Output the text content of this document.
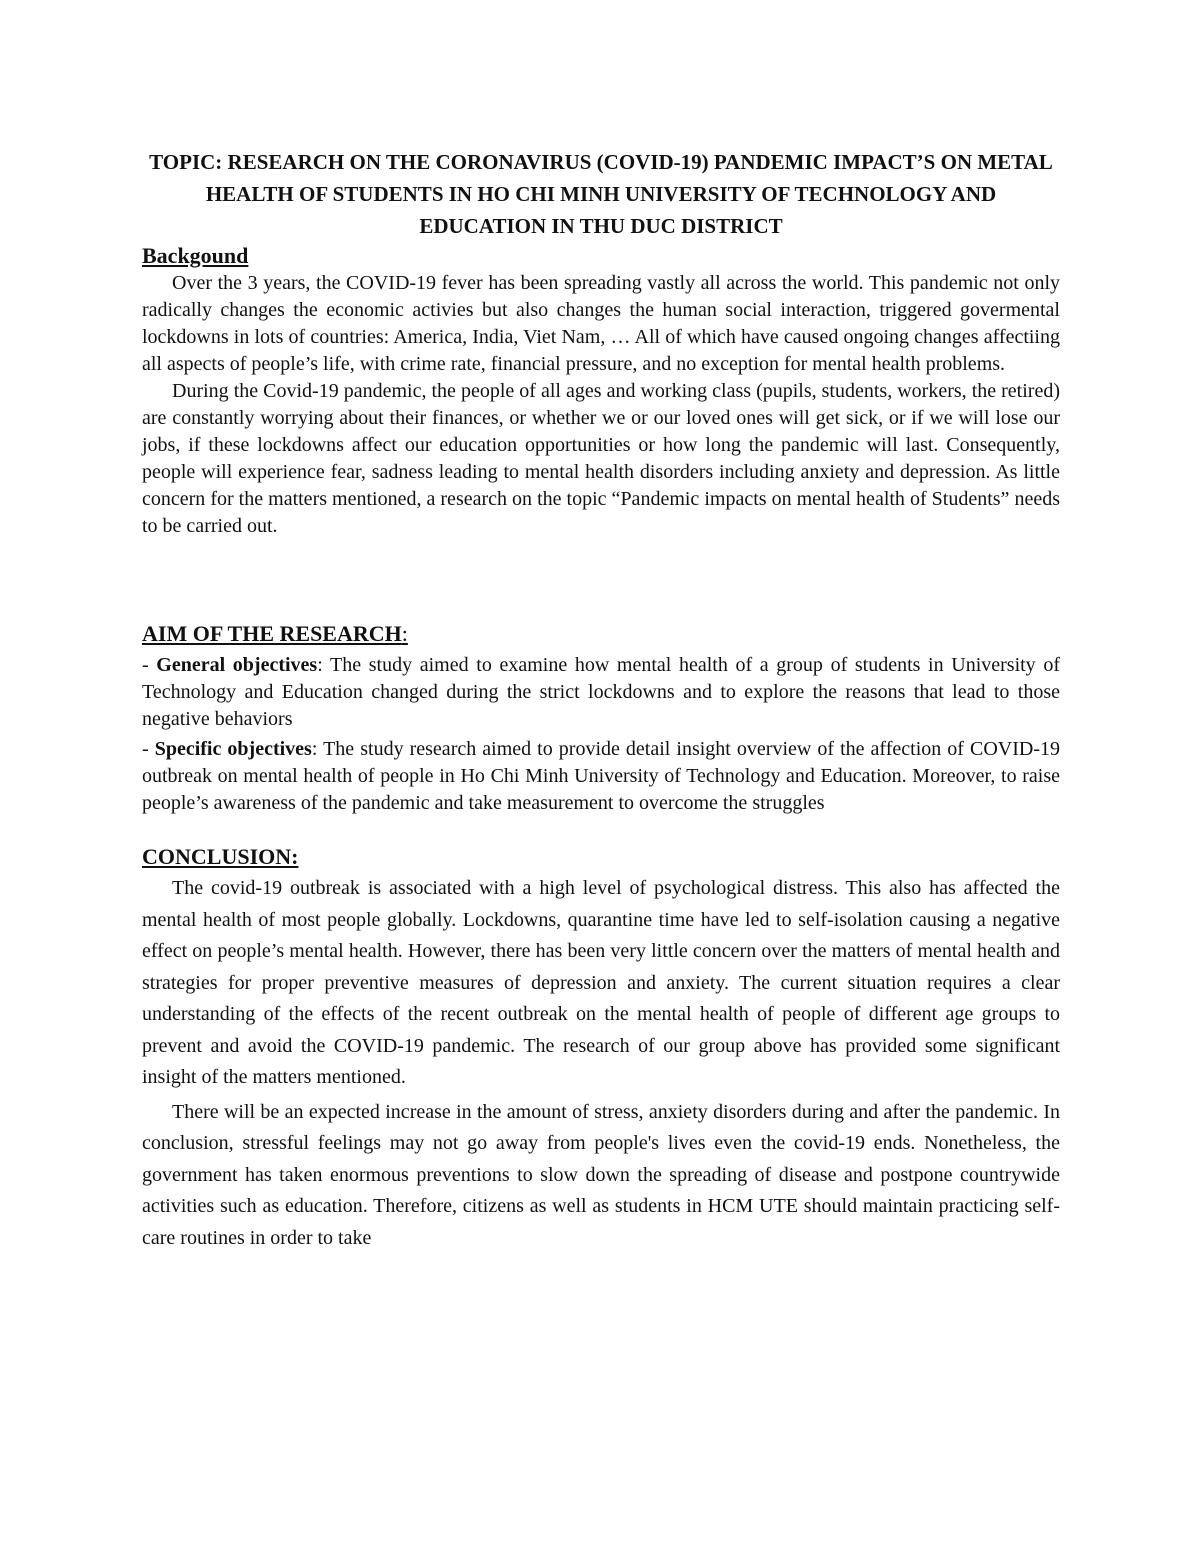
TOPIC: RESEARCH ON THE CORONAVIRUS (COVID-19) PANDEMIC IMPACT’S ON METAL HEALTH OF STUDENTS IN HO CHI MINH UNIVERSITY OF TECHNOLOGY AND EDUCATION IN THU DUC DISTRICT
Backgound

Over the 3 years, the COVID-19 fever has been spreading vastly all across the world. This pandemic not only radically changes the economic activies but also changes the human social interaction, triggered govermental lockdowns in lots of countries: America, India, Viet Nam, … All of which have caused ongoing changes affectiing all aspects of people’s life, with crime rate, financial pressure, and no exception for mental health problems.

During the Covid-19 pandemic, the people of all ages and working class (pupils, students, workers, the retired) are constantly worrying about their finances, or whether we or our loved ones will get sick, or if we will lose our jobs, if these lockdowns affect our education opportunities or how long the pandemic will last. Consequently, people will experience fear, sadness leading to mental health disorders including anxiety and depression. As little concern for the matters mentioned, a research on the topic “Pandemic impacts on mental health of Students” needs to be carried out.

AIM OF THE RESEARCH:

- General objectives: The study aimed to examine how mental health of a group of students in University of Technology and Education changed during the strict lockdowns and to explore the reasons that lead to those negative behaviors

- Specific objectives: The study research aimed to provide detail insight overview of the affection of COVID-19 outbreak on mental health of people in Ho Chi Minh University of Technology and Education. Moreover, to raise people’s awareness of the pandemic and take measurement to overcome the struggles

CONCLUSION:

The covid-19 outbreak is associated with a high level of psychological distress. This also has affected the mental health of most people globally. Lockdowns, quarantine time have led to self-isolation causing a negative effect on people’s mental health. However, there has been very little concern over the matters of mental health and strategies for proper preventive measures of depression and anxiety. The current situation requires a clear understanding of the effects of the recent outbreak on the mental health of people of different age groups to prevent and avoid the COVID-19 pandemic. The research of our group above has provided some significant insight of the matters mentioned.

There will be an expected increase in the amount of stress, anxiety disorders during and after the pandemic. In conclusion, stressful feelings may not go away from people's lives even the covid-19 ends. Nonetheless, the government has taken enormous preventions to slow down the spreading of disease and postpone countrywide activities such as education. Therefore, citizens as well as students in HCM UTE should maintain practicing self-care routines in order to take
